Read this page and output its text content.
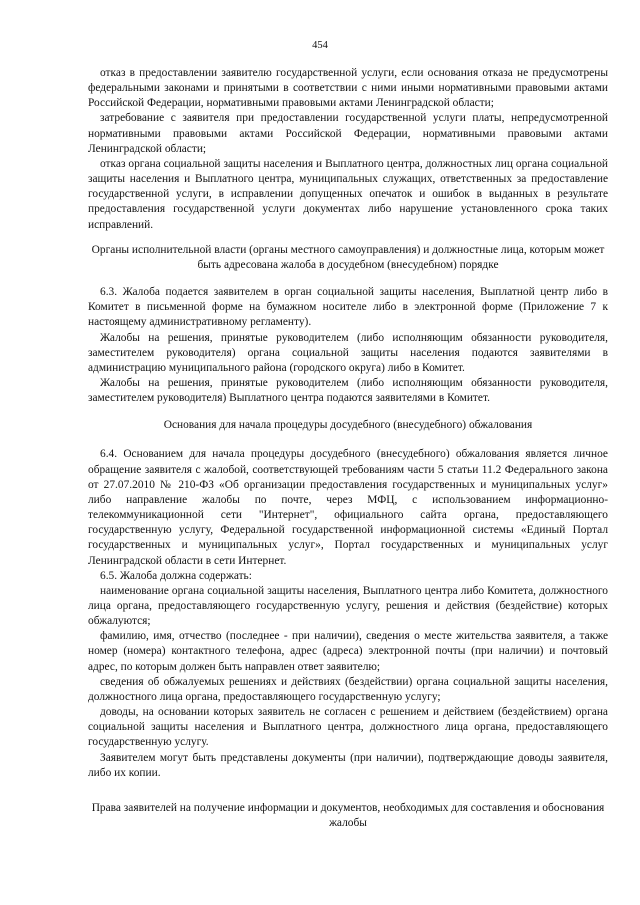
454

отказ в предоставлении заявителю государственной услуги, если основания отказа не предусмотрены федеральными законами и принятыми в соответствии с ними иными нормативными правовыми актами Российской Федерации, нормативными правовыми актами Ленинградской области;

затребование с заявителя при предоставлении государственной услуги платы, непредусмотренной нормативными правовыми актами Российской Федерации, нормативными правовыми актами Ленинградской области;

отказ органа социальной защиты населения и Выплатного центра, должностных лиц органа социальной защиты населения и Выплатного центра, муниципальных служащих, ответственных за предоставление государственной услуги, в исправлении допущенных опечаток и ошибок в выданных в результате предоставления государственной услуги документах либо нарушение установленного срока таких исправлений.

Органы исполнительной власти (органы местного самоуправления) и должностные лица, которым может быть адресована жалоба в досудебном (внесудебном) порядке

6.3. Жалоба подается заявителем в орган социальной защиты населения, Выплатной центр либо в Комитет в письменной форме на бумажном носителе либо в электронной форме (Приложение 7 к настоящему административному регламенту).

Жалобы на решения, принятые руководителем (либо исполняющим обязанности руководителя, заместителем руководителя) органа социальной защиты населения подаются заявителями в администрацию муниципального района (городского округа) либо в Комитет.

Жалобы на решения, принятые руководителем (либо исполняющим обязанности руководителя, заместителем руководителя) Выплатного центра подаются заявителями в Комитет.

Основания для начала процедуры досудебного (внесудебного) обжалования

6.4. Основанием для начала процедуры досудебного (внесудебного) обжалования является личное обращение заявителя с жалобой, соответствующей требованиям части 5 статьи 11.2 Федерального закона от 27.07.2010 № 210-ФЗ «Об организации предоставления государственных и муниципальных услуг» либо направление жалобы по почте, через МФЦ, с использованием информационно-телекоммуникационной сети "Интернет", официального сайта органа, предоставляющего государственную услугу, Федеральной государственной информационной системы «Единый Портал государственных и муниципальных услуг», Портал государственных и муниципальных услуг Ленинградской области в сети Интернет.

6.5. Жалоба должна содержать:

наименование органа социальной защиты населения, Выплатного центра либо Комитета, должностного лица органа, предоставляющего государственную услугу, решения и действия (бездействие) которых обжалуются;

фамилию, имя, отчество (последнее - при наличии), сведения о месте жительства заявителя, а также номер (номера) контактного телефона, адрес (адреса) электронной почты (при наличии) и почтовый адрес, по которым должен быть направлен ответ заявителю;

сведения об обжалуемых решениях и действиях (бездействии) органа социальной защиты населения, должностного лица органа, предоставляющего государственную услугу;

доводы, на основании которых заявитель не согласен с решением и действием (бездействием) органа социальной защиты населения и Выплатного центра, должностного лица органа, предоставляющего государственную услугу.

Заявителем могут быть представлены документы (при наличии), подтверждающие доводы заявителя, либо их копии.

Права заявителей на получение информации и документов, необходимых для составления и обоснования жалобы
